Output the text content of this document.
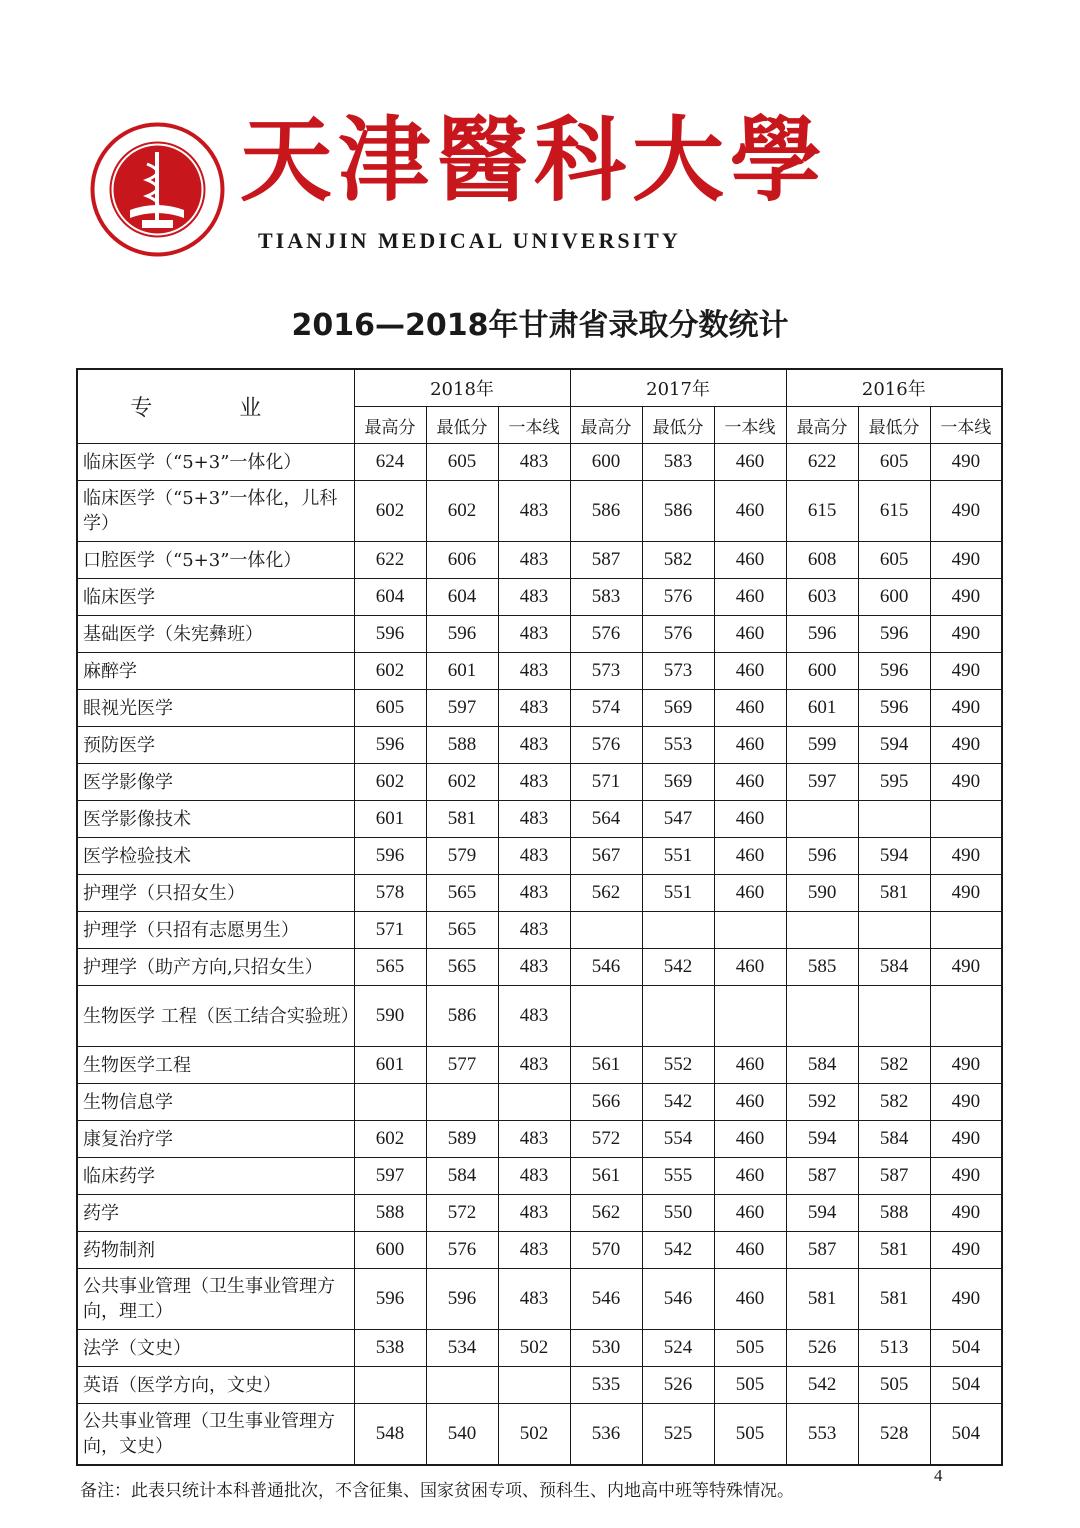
天津醫科大學
TIANJIN MEDICAL UNIVERSITY
2016—2018年甘肃省录取分数统计
专 业	2018年			2017年			2016年		
	最高分	最低分	一本线	最高分	最低分	一本线	最高分	最低分	一本线
临床医学（“5+3”一体化）	624	605	483	600	583	460	622	605	490
临床医学（“5+3”一体化，儿科学）	602	602	483	586	586	460	615	615	490
口腔医学（“5+3”一体化）	622	606	483	587	582	460	608	605	490
临床医学	604	604	483	583	576	460	603	600	490
基础医学（朱宪彝班）	596	596	483	576	576	460	596	596	490
麻醉学	602	601	483	573	573	460	600	596	490
眼视光医学	605	597	483	574	569	460	601	596	490
预防医学	596	588	483	576	553	460	599	594	490
医学影像学	602	602	483	571	569	460	597	595	490
医学影像技术	601	581	483	564	547	460			
医学检验技术	596	579	483	567	551	460	596	594	490
护理学（只招女生）	578	565	483	562	551	460	590	581	490
护理学（只招有志愿男生）	571	565	483						
护理学（助产方向,只招女生）	565	565	483	546	542	460	585	584	490
生物医学 工程（医工结合实验班）	590	586	483						
生物医学工程	601	577	483	561	552	460	584	582	490
生物信息学				566	542	460	592	582	490
康复治疗学	602	589	483	572	554	460	594	584	490
临床药学	597	584	483	561	555	460	587	587	490
药学	588	572	483	562	550	460	594	588	490
药物制剂	600	576	483	570	542	460	587	581	490
公共事业管理（卫生事业管理方向，理工）	596	596	483	546	546	460	581	581	490
法学（文史）	538	534	502	530	524	505	526	513	504
英语（医学方向，文史）				535	526	505	542	505	504
公共事业管理（卫生事业管理方向，文史）	548	540	502	536	525	505	553	528	504
备注：此表只统计本科普通批次，不含征集、国家贫困专项、预科生、内地高中班等特殊情况。
4
